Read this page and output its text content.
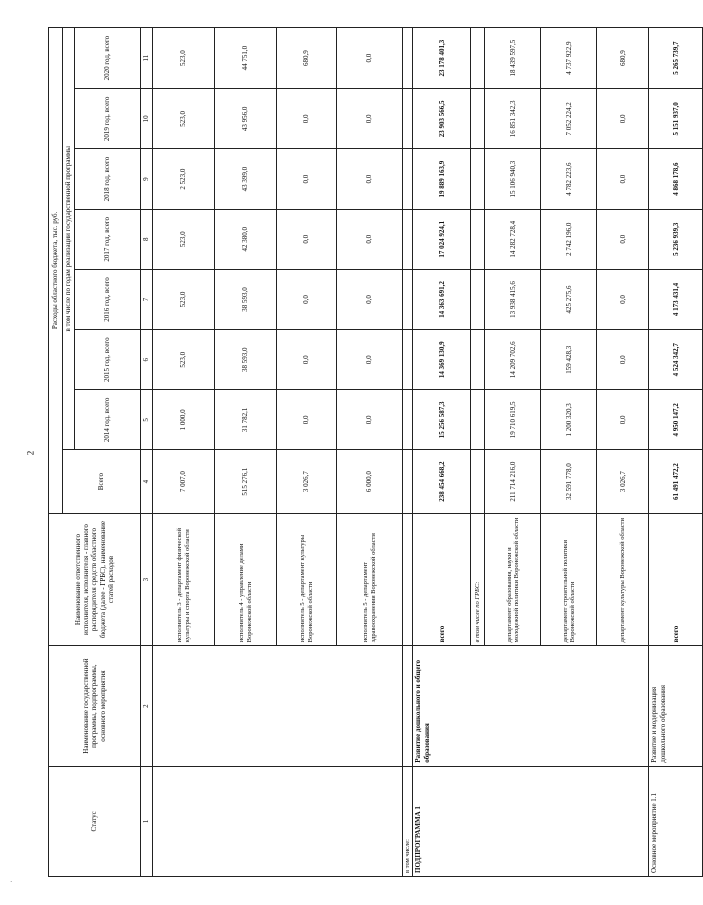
2
·
Статус	Наименование государственной программы, подпрограммы, основного мероприятия	Наименование ответственного исполнителя, исполнителя - главного распорядителя средств областного бюджета (далее - ГРБС), наименование статей расходов	Расходы областного бюджета, тыс. руб.							
			Всего	в том числе по годам реализации государственной программы						
				2014 год, всего	2015 год, всего	2016 год, всего	2017 год, всего	2018 год, всего	2019 год, всего	2020 год, всего
1	2	3	4	5	6	7	8	9	10	11
		исполнитель 3 - департамент физической культуры и спорта Воронежской области	7 007,0	1 000,0	523,0	523,0	523,0	2 523,0	523,0	523,0
		исполнитель 4 - управление делами Воронежской области	515 276,1	31 782,1	38 593,0	38 593,0	42 380,0	43 399,0	43 956,0	44 751,0
		исполнитель 5 - департамент культуры Воронежской области	3 026,7	0,0	0,0	0,0	0,0	0,0	0,0	680,9
		исполнитель 5 - департамент здравоохранения Воронежской области	6 000,0	0,0	0,0	0,0	0,0	0,0	0,0	0,0
в том числе:										
ПОДПРОГРАММА 1	Развитие дошкольного и общего образования	всего	238 454 668,2	15 256 587,3	14 369 130,9	14 363 691,2	17 024 924,1	19 889 163,9	23 903 566,5	23 178 401,3
		в том числе по ГРБС:								
		департамент образования, науки и молодежной политики Воронежской области	211 714 216,0	19 710 619,5	14 209 702,6	13 938 415,6	14 282 728,4	15 106 940,3	16 851 342,3	18 439 597,5
		департамент строительной политики Воронежской области	32 591 778,0	1 200 320,3	159 428,3	425 275,6	2 742 196,0	4 782 223,6	7 052 224,2	4 737 922,9
		департамент культуры Воронежской области	3 026,7	0,0	0,0	0,0	0,0	0,0	0,0	680,9
Основное мероприятие 1.1	Развитие и модернизация дошкольного образования	всего	61 491 472,2	4 950 147,2	4 524 342,7	4 173 431,4	5 236 939,3	4 868 178,6	5 151 937,0	5 265 739,7
